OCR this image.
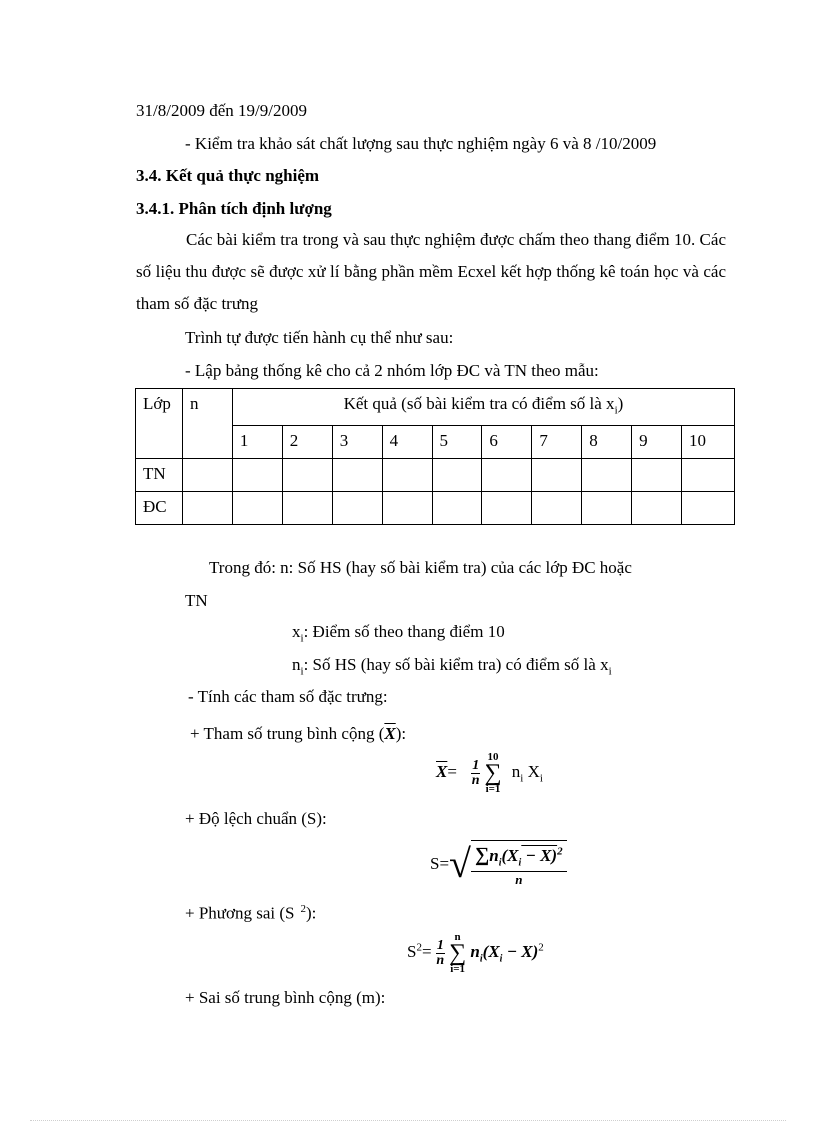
31/8/2009 đến 19/9/2009
- Kiểm tra khảo sát chất lượng sau thực nghiệm ngày 6 và 8 /10/2009
3.4. Kết quả thực nghiệm
3.4.1. Phân tích định lượng
Các bài kiểm tra trong và sau thực nghiệm được chấm theo thang điểm 10. Các số liệu thu được sẽ được xử lí bằng phần mềm Ecxel kết hợp thống kê toán học và các tham số đặc trưng
Trình tự được tiến hành cụ thể như sau:
- Lập bảng thống kê cho cả 2 nhóm lớp ĐC và TN theo mẫu:
Lớp	n	Kết quả (số bài kiểm tra có điểm số là $x_i$)									
		1	2	3	4	5	6	7	8	9	10
TN											
ĐC											
Trong đó: n: Số HS (hay số bài kiểm tra) của các lớp ĐC hoặc
TN
$x_i$: Điểm số theo thang điểm 10
$n_i$: Số HS (hay số bài kiểm tra) có điểm số là $x_i$
- Tính các tham số đặc trưng:
+ Tham số trung bình cộng $(\overline{X})$:
$\overline{X}= \frac{1}{n}$
10
∑
i=1 $n_i$ $X_i$
+ Độ lệch chuẩn (S):
S=√ $\sum n_i(X_i - X)^2$
n
+ Phương sai (S $^2$):
$S^2= \frac{1}{n}$
n
∑
i=1 $n_i(X_i - X)^2$
+ Sai số trung bình cộng (m):
